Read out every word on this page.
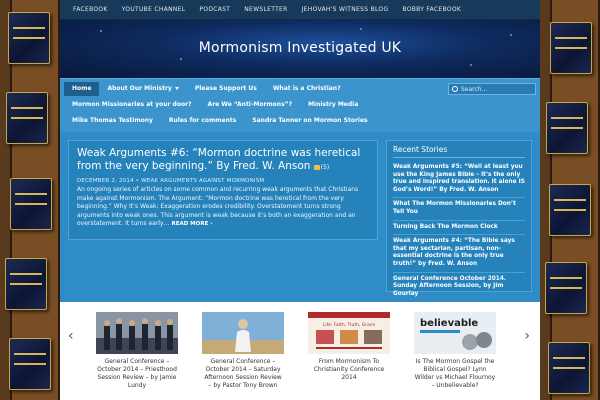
FACEBOOK	YOUTUBE CHANNEL	PODCAST	NEWSLETTER	JEHOVAH'S WITNESS BLOG	BOBBY FACEBOOK
Mormonism Investigated UK
Home	About Our Ministry	Please Support Us	What is a Christian?
Search...
Mormon Missionaries at your door?	Are We “Anti-Mormons”?	Ministry Media
Mike Thomas Testimony	Rules for comments	Sandra Tanner on Mormon Stories
Weak Arguments #6: “Mormon doctrine was heretical from the very beginning.” By Fred. W. Anson (5)
DECEMBER 2, 2014 • WEAK ARGUMENTS AGAINST MORMONISM

An ongoing series of articles on some common and recurring weak arguments that Christians make against Mormonism. The Argument: “Mormon doctrine was heretical from the very beginning.” Why It’s Weak: Exaggeration erodes credibility. Overstatement turns strong arguments into weak ones. This argument is weak because it’s both an exaggeration and an overstatement. It turns early… READ MORE ›

Recent Stories
Weak Arguments #5: “Well at least you use the King James Bible – it’s the only true and inspired translation. It alone IS God’s Word!” By Fred. W. Anson
What The Mormon Missionaries Don’t Tell You
Turning Back The Mormon Clock
Weak Arguments #4: “The Bible says that my sectarian, partisan, non-essential doctrine is the only true truth!” by Fred. W. Anson
General Conference October 2014. Sunday Afternoon Session, by Jim Gourlay
‹
General Conference – October 2014 – Priesthood Session Review – by Jamie Lundy
General Conference – October 2014 – Saturday Afternoon Session Review – by Pastor Tony Brown
Life: Faith, Truth, Grace
From Mormonism To Christianity Conference 2014
believable
Is The Mormon Gospel the Biblical Gospel? Lynn Wilder vs Michael Flournoy – Unbelievable?
›
